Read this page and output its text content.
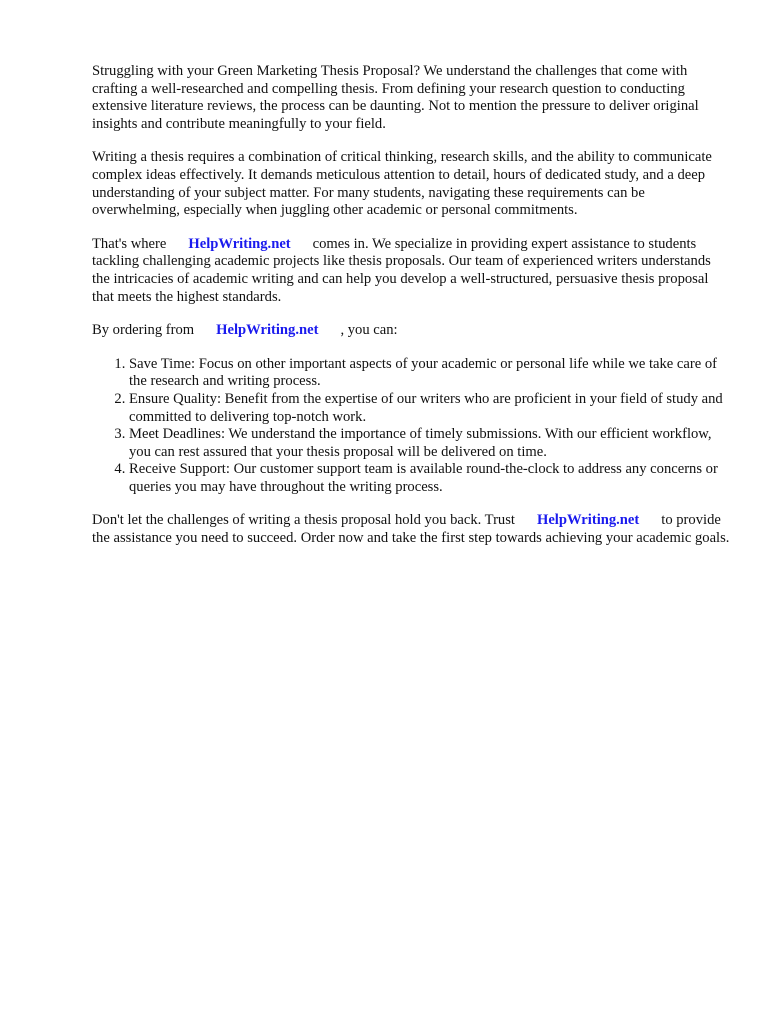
Struggling with your Green Marketing Thesis Proposal? We understand the challenges that come with crafting a well-researched and compelling thesis. From defining your research question to conducting extensive literature reviews, the process can be daunting. Not to mention the pressure to deliver original insights and contribute meaningfully to your field.

Writing a thesis requires a combination of critical thinking, research skills, and the ability to communicate complex ideas effectively. It demands meticulous attention to detail, hours of dedicated study, and a deep understanding of your subject matter. For many students, navigating these requirements can be overwhelming, especially when juggling other academic or personal commitments.

That's where HelpWriting.net comes in. We specialize in providing expert assistance to students tackling challenging academic projects like thesis proposals. Our team of experienced writers understands the intricacies of academic writing and can help you develop a well-structured, persuasive thesis proposal that meets the highest standards.

By ordering from HelpWriting.net , you can:

1. Save Time: Focus on other important aspects of your academic or personal life while we take care of the research and writing process.
2. Ensure Quality: Benefit from the expertise of our writers who are proficient in your field of study and committed to delivering top-notch work.
3. Meet Deadlines: We understand the importance of timely submissions. With our efficient workflow, you can rest assured that your thesis proposal will be delivered on time.
4. Receive Support: Our customer support team is available round-the-clock to address any concerns or queries you may have throughout the writing process.

Don't let the challenges of writing a thesis proposal hold you back. Trust HelpWriting.net to provide the assistance you need to succeed. Order now and take the first step towards achieving your academic goals.
